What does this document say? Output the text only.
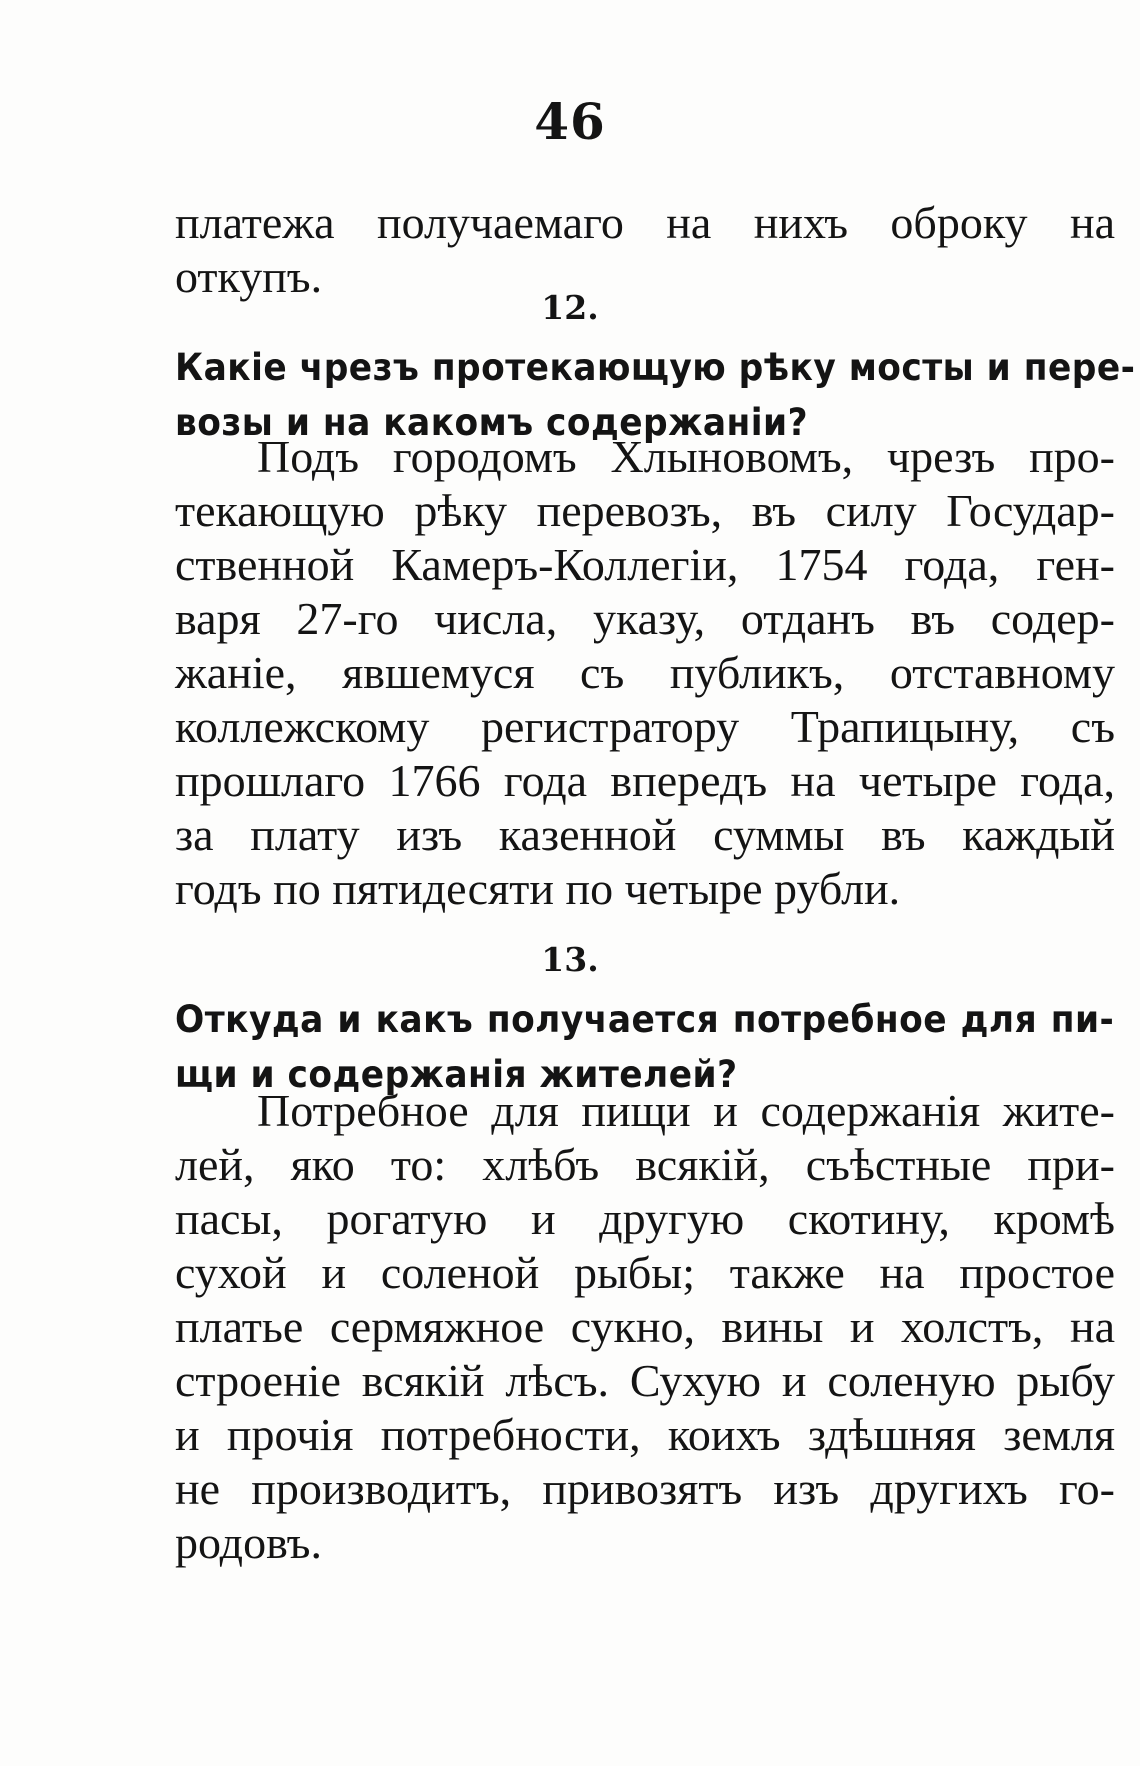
46
платежа получаемаго на нихъ оброку на
откупъ.
12.
Какіе чрезъ протекающую рѣку мосты и пере-
возы и на какомъ содержаніи?
Подъ городомъ Хлыновомъ, чрезъ про-
текающую рѣку перевозъ, въ силу Государ-
ственной Камеръ-Коллегіи, 1754 года, ген-
варя 27-го числа, указу, отданъ въ содер-
жаніе, явшемуся съ публикъ, отставному
коллежскому регистратору Трапицыну, съ
прошлаго 1766 года впередъ на четыре года,
за плату изъ казенной суммы въ каждый
годъ по пятидесяти по четыре рубли.
13.
Откуда и какъ получается потребное для пи-
щи и содержанія жителей?
Потребное для пищи и содержанія жите-
лей, яко то: хлѣбъ всякій, съѣстные при-
пасы, рогатую и другую скотину, кромѣ
сухой и соленой рыбы; также на простое
платье сермяжное сукно, вины и холстъ, на
строеніе всякій лѣсъ. Сухую и соленую рыбу
и прочія потребности, коихъ здѣшняя земля
не производитъ, привозятъ изъ другихъ го-
родовъ.
